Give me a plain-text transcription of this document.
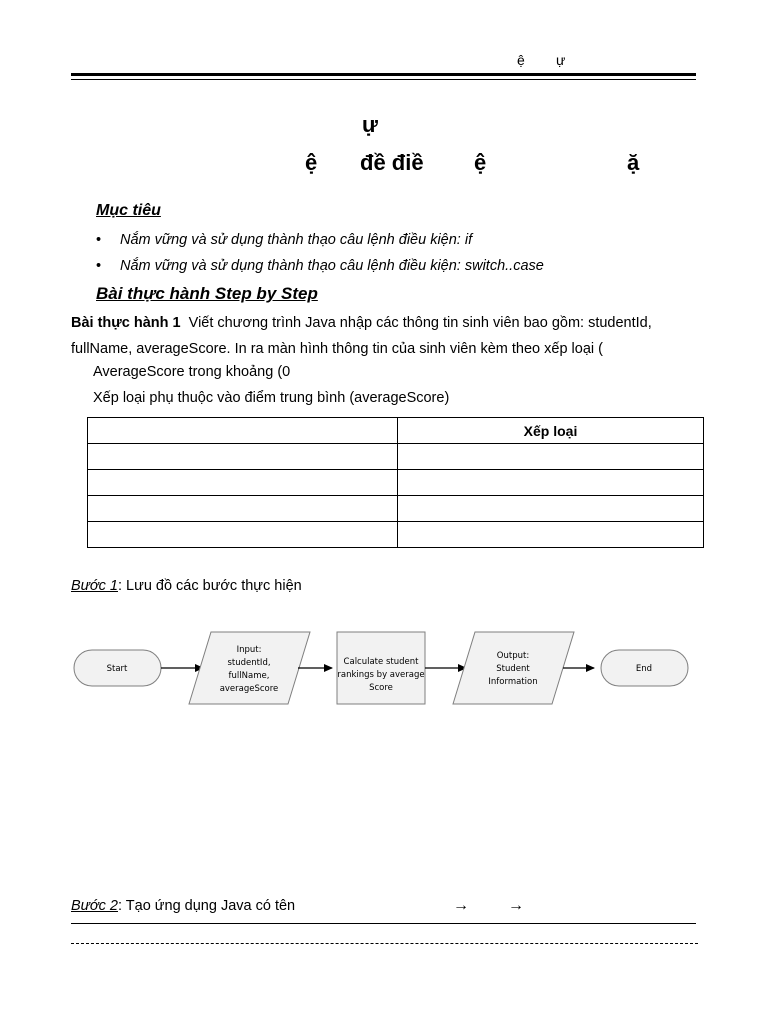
ệ ự
ự
ệ đề điề ệ	ặ
Mục tiêu
• Nắm vững và sử dụng thành thạo câu lệnh điều kiện: if
• Nắm vững và sử dụng thành thạo câu lệnh điều kiện: switch..case
Bài thực hành Step by Step
Bài thực hành 1 Viết chương trình Java nhập các thông tin sinh viên bao gồm: studentId,
fullName, averageScore. In ra màn hình thông tin của sinh viên kèm theo xếp loại (
AverageScore trong khoảng (0
Xếp loại phụ thuộc vào điểm trung bình (averageScore)
	Xếp loại

Bước 1: Lưu đồ các bước thực hiện
Start
Input:
studentId,
fullName,
averageScore
Calculate student
rankings by average
Score
Output:
Student
Information
End
Bước 2: Tạo ứng dụng Java có tên	→ →
